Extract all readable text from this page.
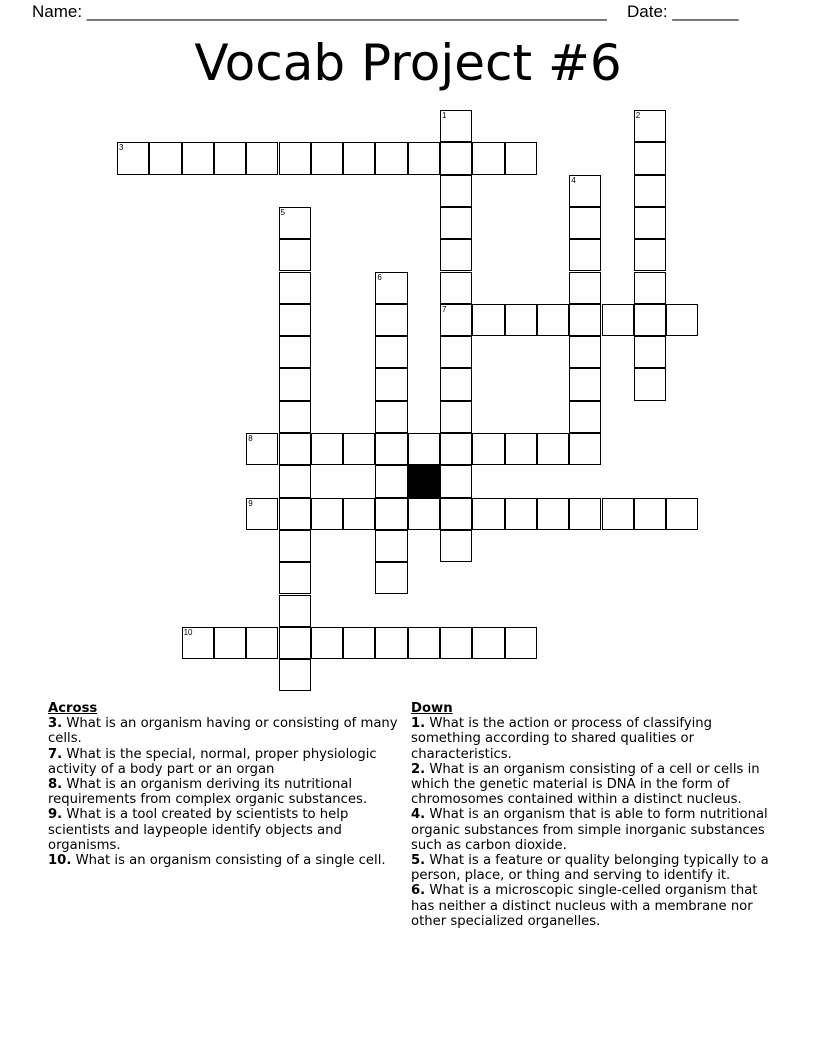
Name: _______________________________________________________ Date: _______
Vocab Project #6
3
7
8
9
10
1	2
4
5
6
Across

3. What is an organism having or consisting of many cells.

7. What is the special, normal, proper physiologic activity of a body part or an organ

8. What is an organism deriving its nutritional requirements from complex organic substances.

9. What is a tool created by scientists to help scientists and laypeople identify objects and organisms.

10. What is an organism consisting of a single cell.

Down

1. What is the action or process of classifying something according to shared qualities or characteristics.

2. What is an organism consisting of a cell or cells in which the genetic material is DNA in the form of chromosomes contained within a distinct nucleus.

4. What is an organism that is able to form nutritional organic substances from simple inorganic substances such as carbon dioxide.

5. What is a feature or quality belonging typically to a person, place, or thing and serving to identify it.

6. What is a microscopic single-celled organism that has neither a distinct nucleus with a membrane nor other specialized organelles.
